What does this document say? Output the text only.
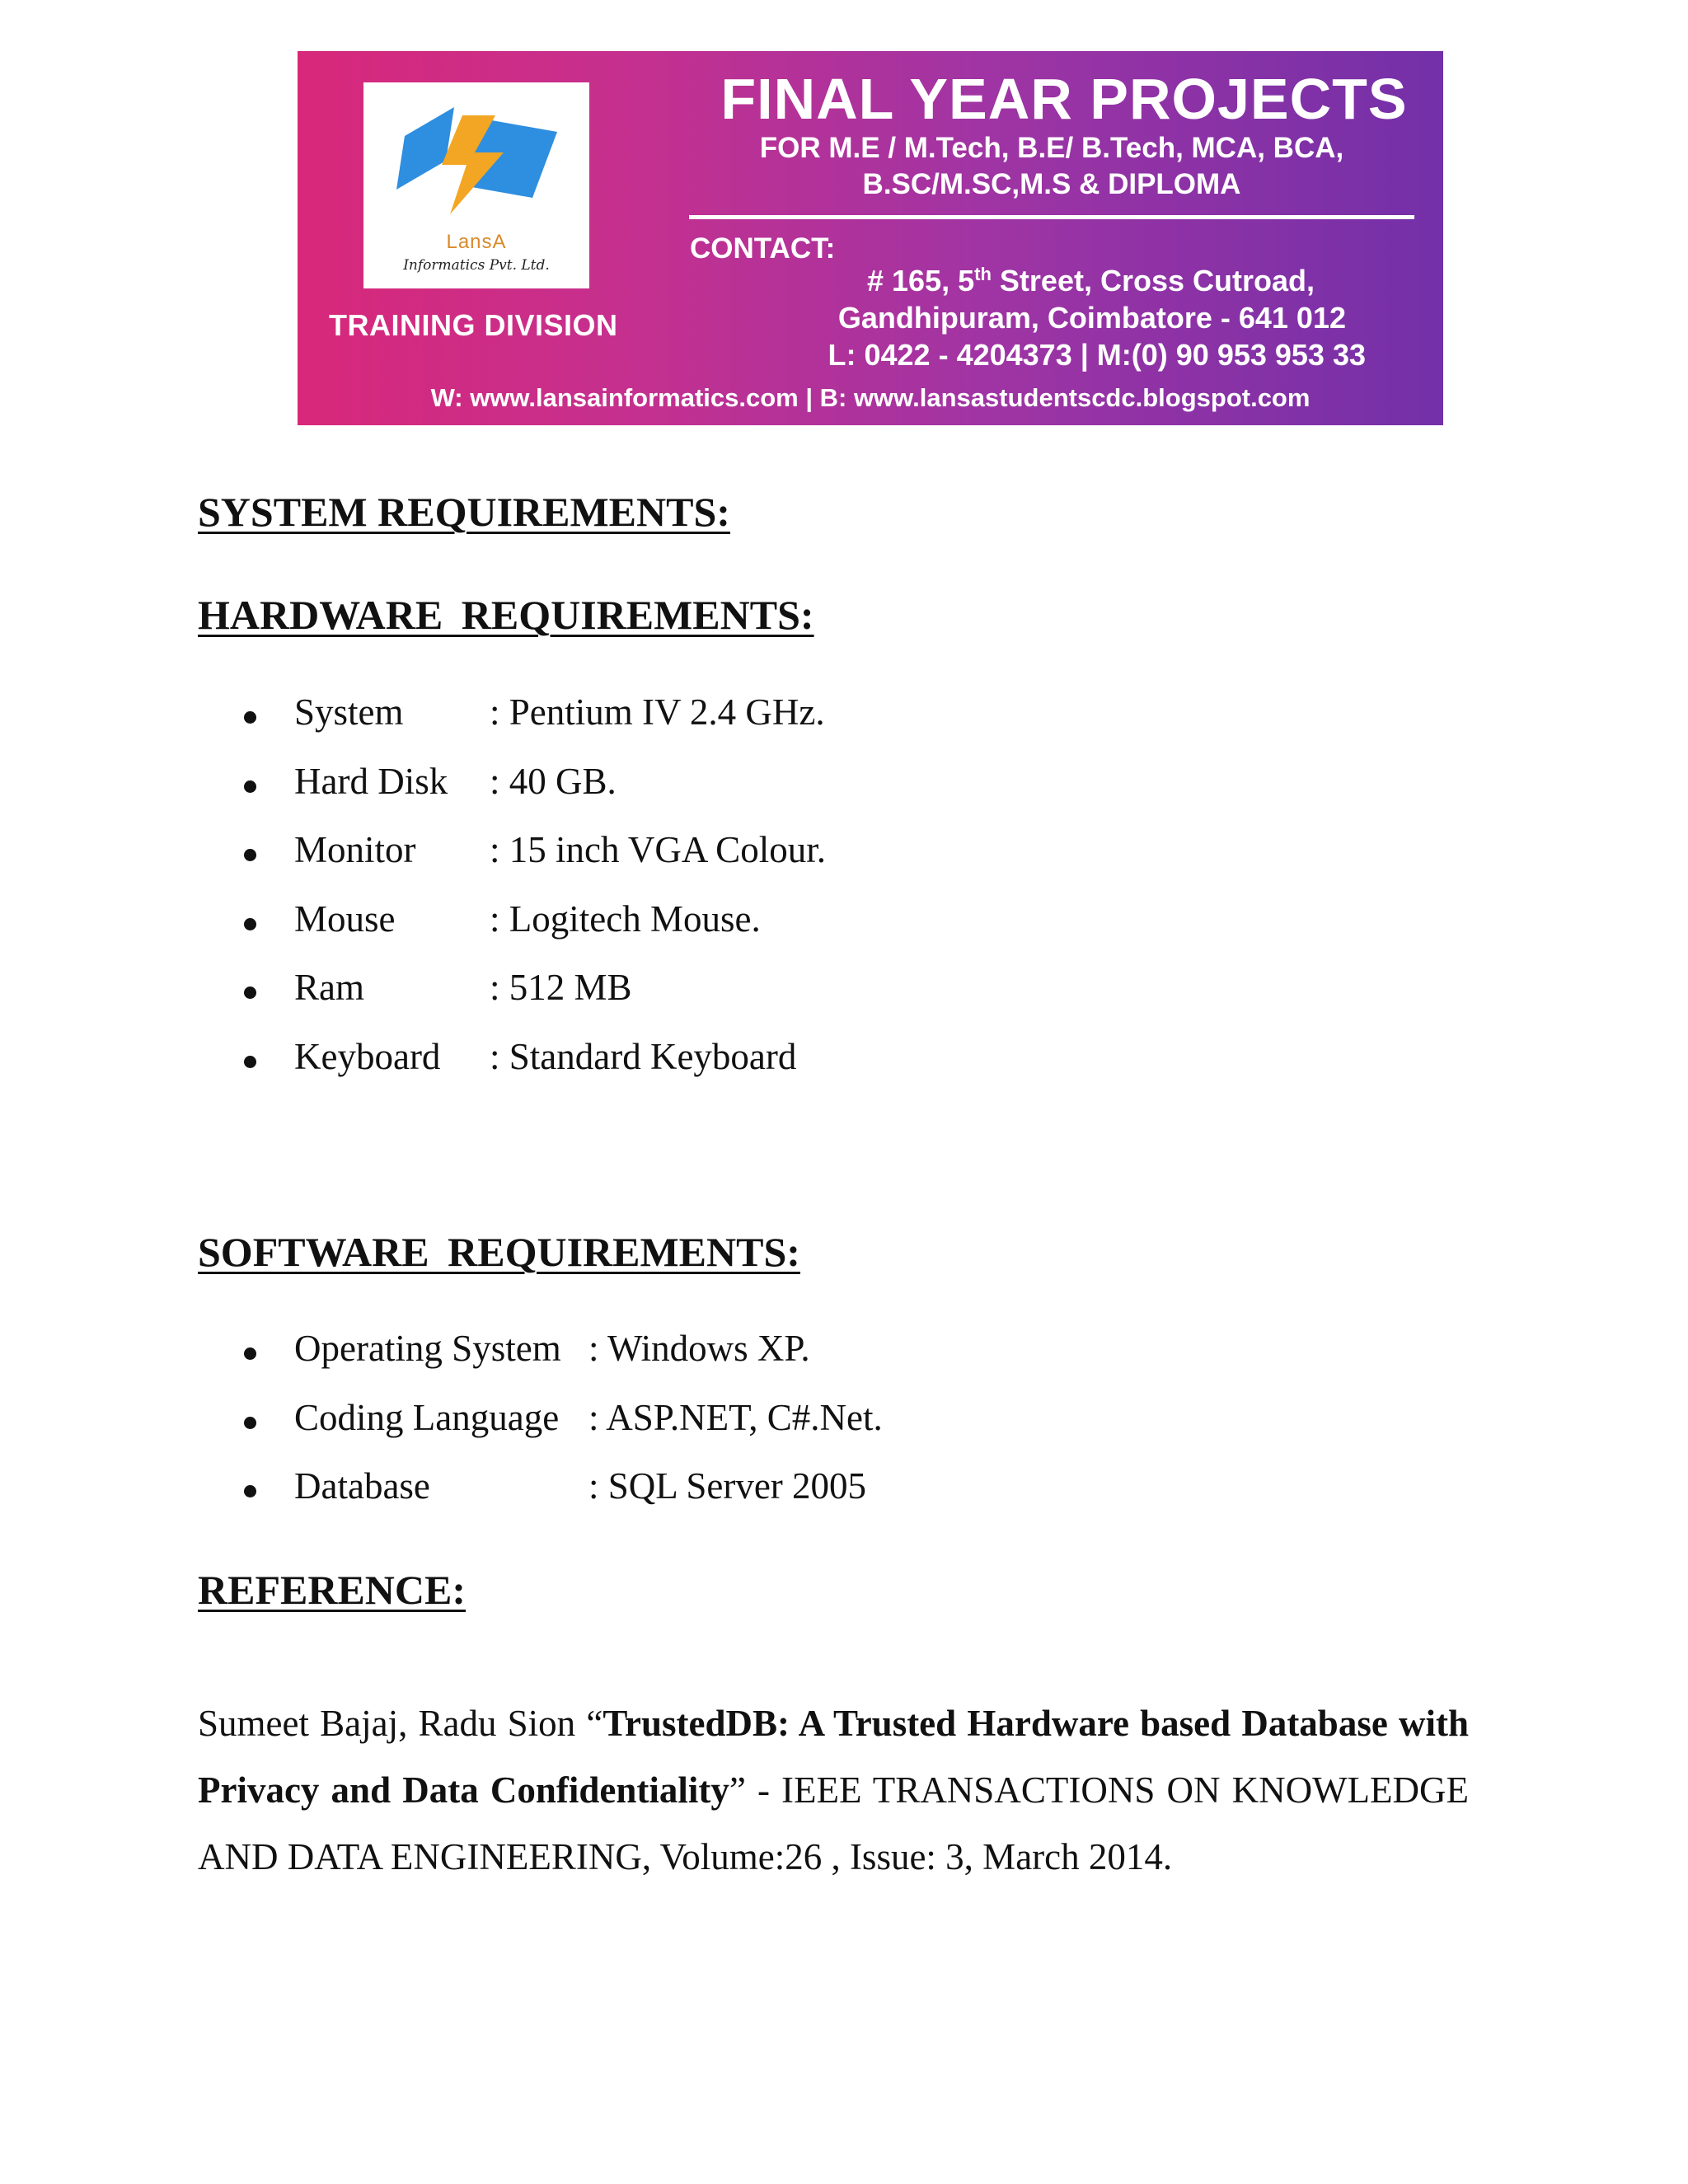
LansA
Informatics Pvt. Ltd.
TRAINING DIVISION
FINAL YEAR PROJECTS
FOR M.E / M.Tech, B.E/ B.Tech, MCA, BCA,
B.SC/M.SC,M.S & DIPLOMA
CONTACT:
# 165, 5th Street, Cross Cutroad,
Gandhipuram, Coimbatore - 641 012
L: 0422 - 4204373 | M:(0) 90 953 953 33
W: www.lansainformatics.com | B: www.lansastudentscdc.blogspot.com
SYSTEM REQUIREMENTS:
HARDWARE REQUIREMENTS:
System : Pentium IV 2.4 GHz.
Hard Disk : 40 GB.
Monitor : 15 inch VGA Colour.
Mouse	: Logitech Mouse.
Ram	: 512 MB
Keyboard : Standard Keyboard
SOFTWARE REQUIREMENTS:
Operating System : Windows XP.
Coding Language : ASP.NET, C#.Net.
Database	: SQL Server 2005
REFERENCE:

Sumeet Bajaj, Radu Sion “TrustedDB: A Trusted Hardware based Database with Privacy and Data Confidentiality” - IEEE TRANSACTIONS ON KNOWLEDGE AND DATA ENGINEERING, Volume:26 , Issue: 3, March 2014.
